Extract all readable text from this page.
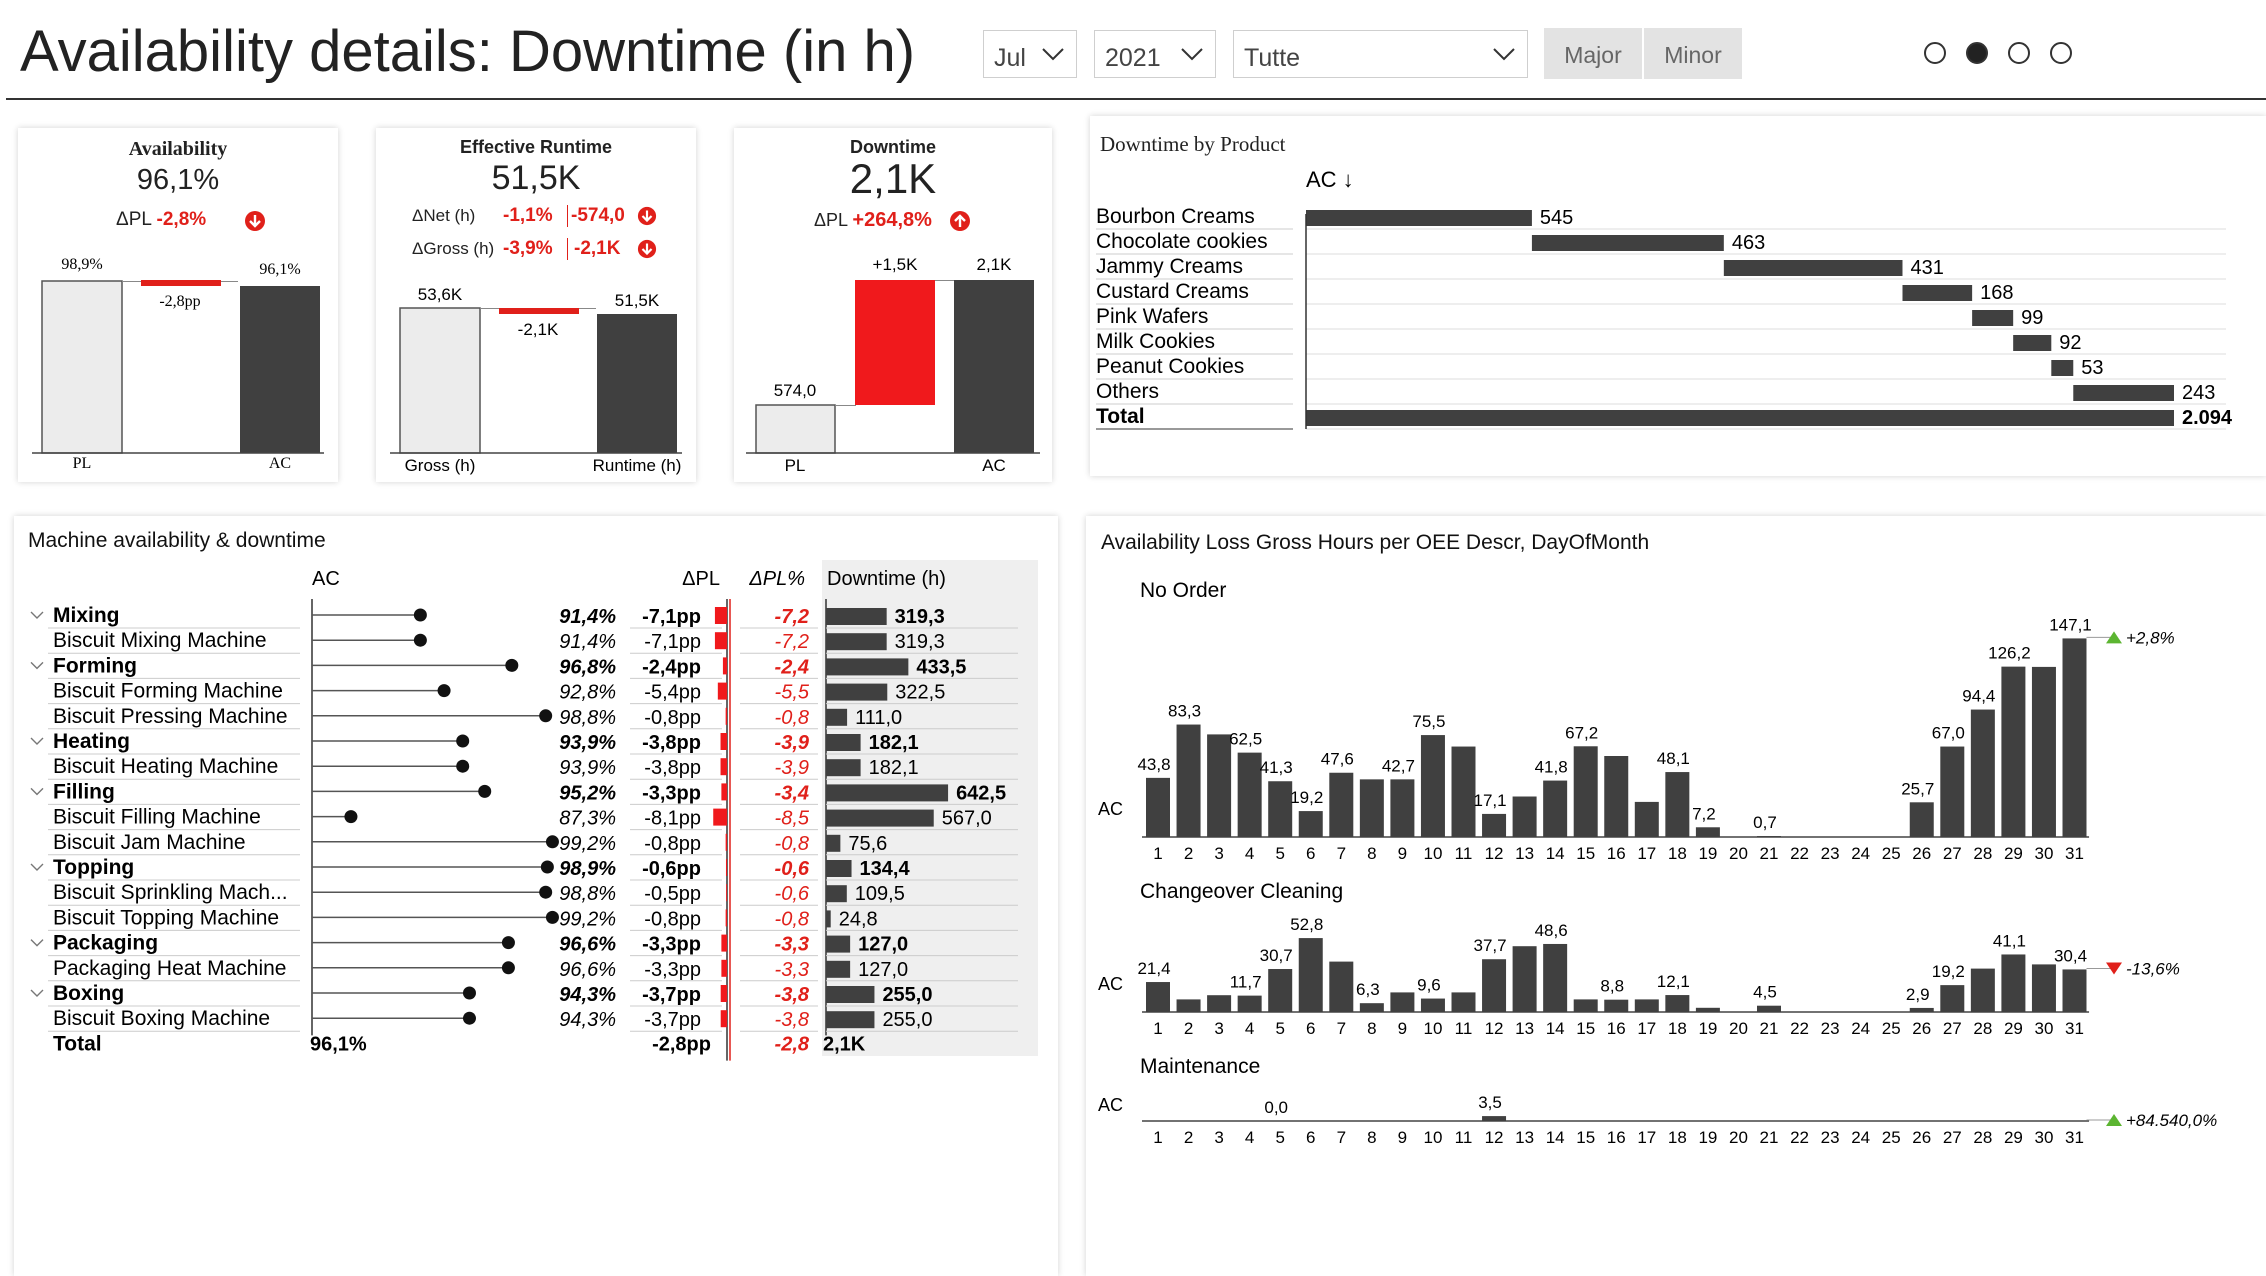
Availability details: Downtime (in h)	Jul	2021	Tutte	Major	Minor
Availability
96,1%
ΔPL -2,8%
98,9%
-2,8pp
96,1%
PL	AC
Effective Runtime
51,5K
ΔNet (h) -1,1% -574,0
ΔGross (h) -3,9%	-2,1K
53,6K
-2,1K
51,5K
Gross (h)	Runtime (h)
Downtime
2,1K
ΔPL +264,8%
574,0
+1,5K	2,1K
PL	AC
Downtime by Product
AC ↓
Bourbon Creams	545
Chocolate cookies	463
Jammy Creams	431
Custard Creams	168
Pink Wafers	99
Milk Cookies	92
Peanut Cookies	53
Others	243
Total	2.094
Machine availability & downtime
AC	ΔPL ΔPL% Downtime (h)
Mixing	91,4% -7,1pp	-7,2	319,3
Biscuit Mixing Machine	91,4% -7,1pp	-7,2	319,3
Forming	96,8% -2,4pp	-2,4	433,5
Biscuit Forming Machine	92,8% -5,4pp	-5,5	322,5
Biscuit Pressing Machine	98,8% -0,8pp	-0,8 111,0
Heating	93,9% -3,8pp	-3,9	182,1
Biscuit Heating Machine	93,9% -3,8pp	-3,9	182,1
Filling	95,2% -3,3pp	-3,4	642,5
Biscuit Filling Machine	87,3% -8,1pp	-8,5	567,0
Biscuit Jam Machine	99,2% -0,8pp	-0,8 75,6
Topping	98,9% -0,6pp	-0,6	134,4
Biscuit Sprinkling Mach...	98,8% -0,5pp	-0,6 109,5
Biscuit Topping Machine	99,2% -0,8pp	-0,8 24,8
Packaging	96,6% -3,3pp	-3,3 127,0
Packaging Heat Machine	96,6% -3,3pp	-3,3 127,0
Boxing	94,3% -3,7pp	-3,8	255,0
Biscuit Boxing Machine	94,3% -3,7pp	-3,8	255,0
Total	96,1%	-2,8pp	-2,8 2,1K
Availability Loss Gross Hours per OEE Descr, DayOfMonth
No Order
AC
1
43,8
2
83,3
3 4
62,5
5
41,3
6
19,2
7
47,6
8 9
42,7
10
75,5
11 12
17,1
13 14
41,8
15
67,2
16 17 18
48,1
19
7,2
20 21
0,7
22 23 24 25 26
25,7
27
67,0
28
94,4
29
126,2
30 31
147,1
+2,8%
Changeover Cleaning
AC
1
21,4
2 3 4
11,7
5
30,7
6
52,8
7 8
6,3
9 10
9,6
11 12
37,7
13 14
48,6
15 16
8,8
17 18
12,1
19 20 21
4,5
22 23 24 25 26
2,9
27
19,2
28 29
41,1
30 31
30,4
-13,6%
Maintenance
AC
1 2 3 4 5
0,0
6 7 8 9 10 11 12
3,5
13 14 15 16 17 18 19 20 21 22 23 24 25 26 27 28 29 30 31
+84.540,0%
